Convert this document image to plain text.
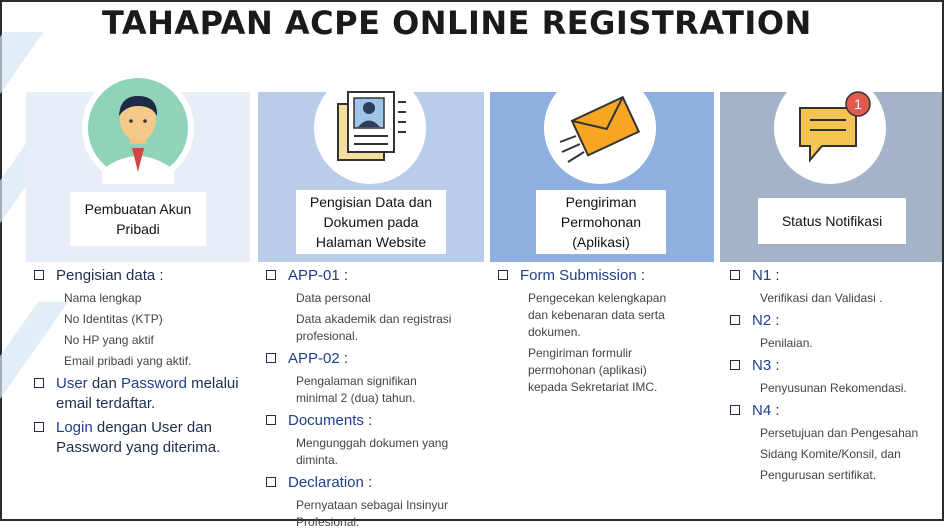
TAHAPAN ACPE ONLINE REGISTRATION
Pembuatan Akun
Pribadi
Pengisian Data dan
Dokumen pada
Halaman Website
Pengiriman
Permohonan
(Aplikasi)
1
Status Notifikasi
Pengisian data :
Nama lengkap
No Identitas (KTP)
No HP yang aktif
Email pribadi yang aktif.
User dan Password melalui
email terdaftar.
Login dengan User dan
Password yang diterima.
APP-01 :
Data personal
Data akademik dan registrasi
profesional.
APP-02 :
Pengalaman signifikan
minimal 2 (dua) tahun.
Documents :
Mengunggah dokumen yang
diminta.
Declaration :
Pernyataan sebagai Insinyur
Profesional.
Form Submission :
Pengecekan kelengkapan
dan kebenaran data serta
dokumen.
Pengiriman formulir
permohonan (aplikasi)
kepada Sekretariat IMC.
N1 :
Verifikasi dan Validasi .
N2 :
Penilaian.
N3 :
Penyusunan Rekomendasi.
N4 :
Persetujuan dan Pengesahan
Sidang Komite/Konsil, dan
Pengurusan sertifikat.
